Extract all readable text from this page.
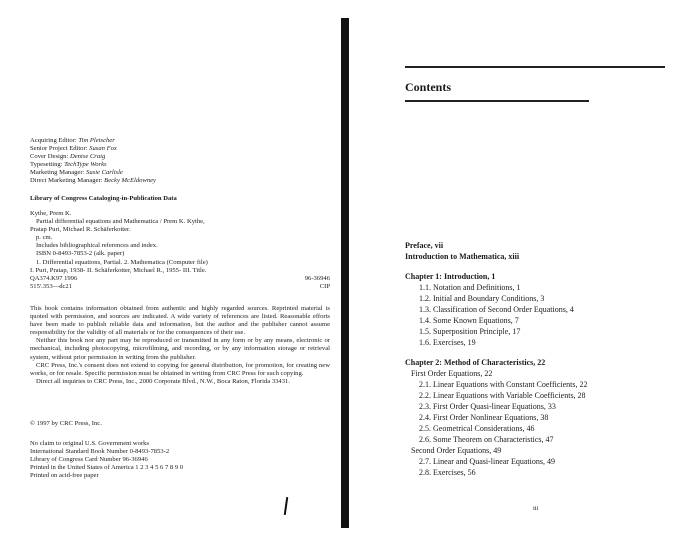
Acquiring Editor: Tim Pletscher
Senior Project Editor: Susan Fox
Cover Design: Denise Craig
Typesetting: TechType Works
Marketing Manager: Susie Carlisle
Direct Marketing Manager: Becky McEldowney
Library of Congress Cataloging-in-Publication Data
Kythe, Prem K.
Partial differential equations and Mathematica / Prem K. Kythe,
Pratap Puri, Michael R. Schäferkotter.
p. cm.
Includes bibliographical references and index.
ISBN 0-8493-7853-2 (alk. paper)
1. Differential equations, Partial. 2. Mathematica (Computer file)
I. Puri, Pratap, 1938- II. Schäferkotter, Michael R., 1955- III. Title.
QA374.K97 1996	96-36946
515'.353—dc21	CIP

This book contains information obtained from authentic and highly regarded sources. Reprinted material is quoted with permission, and sources are indicated. A wide variety of references are listed. Reasonable efforts have been made to publish reliable data and information, but the author and the publisher cannot assume responsibility for the validity of all materials or for the consequences of their use.

Neither this book nor any part may be reproduced or transmitted in any form or by any means, electronic or mechanical, including photocopying, microfilming, and recording, or by any information storage or retrieval system, without prior permission in writing from the publisher.

CRC Press, Inc.'s consent does not extend to copying for general distribution, for promotion, for creating new works, or for resale. Specific permission must be obtained in writing from CRC Press for such copying.

Direct all inquiries to CRC Press, Inc., 2000 Corporate Blvd., N.W., Boca Raton, Florida 33431.

© 1997 by CRC Press, Inc.
No claim to original U.S. Government works
International Standard Book Number 0-8493-7853-2
Library of Congress Card Number 96-36946
Printed in the United States of America 1 2 3 4 5 6 7 8 9 0
Printed on acid-free paper
Contents
Preface, vii
Introduction to Mathematica, xiii
Chapter 1: Introduction, 1
1.1. Notation and Definitions, 1
1.2. Initial and Boundary Conditions, 3
1.3. Classification of Second Order Equations, 4
1.4. Some Known Equations, 7
1.5. Superposition Principle, 17
1.6. Exercises, 19
Chapter 2: Method of Characteristics, 22
First Order Equations, 22
2.1. Linear Equations with Constant Coefficients, 22
2.2. Linear Equations with Variable Coefficients, 28
2.3. First Order Quasi-linear Equations, 33
2.4. First Order Nonlinear Equations, 38
2.5. Geometrical Considerations, 46
2.6. Some Theorem on Characteristics, 47
Second Order Equations, 49
2.7. Linear and Quasi-linear Equations, 49
2.8. Exercises, 56
iii
